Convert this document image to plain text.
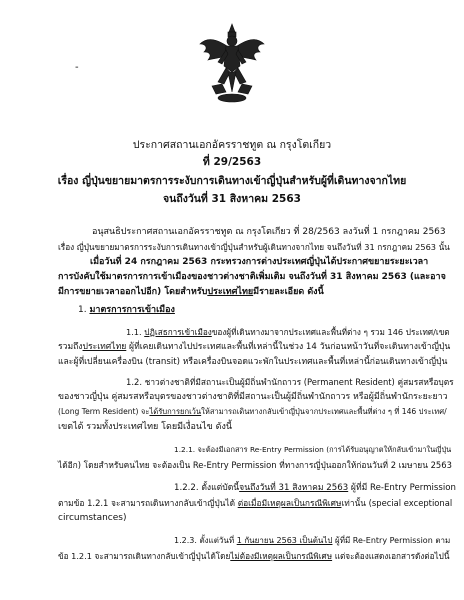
-
ประกาศสถานเอกอัครราชทูต ณ กรุงโตเกียว
ที่ 29/2563
เรื่อง ญี่ปุ่นขยายมาตรการระงับการเดินทางเข้าญี่ปุ่นสำหรับผู้ที่เดินทางจากไทย
จนถึงวันที่ 31 สิงหาคม 2563
อนุสนธิประกาศสถานเอกอัครราชทูต ณ กรุงโตเกียว ที่ 28/2563 ลงวันที่ 1 กรกฎาคม 2563
เรื่อง ญี่ปุ่นขยายมาตรการระงับการเดินทางเข้าญี่ปุ่นสำหรับผู้เดินทางจากไทย จนถึงวันที่ 31 กรกฎาคม 2563 นั้น
เมื่อวันที่ 24 กรกฎาคม 2563 กระทรวงการต่างประเทศญี่ปุ่นได้ประกาศขยายระยะเวลา
การบังคับใช้มาตรการการเข้าเมืองของชาวต่างชาติเพิ่มเติม จนถึงวันที่ 31 สิงหาคม 2563 (และอาจ
มีการขยายเวลาออกไปอีก) โดยสำหรับประเทศไทยมีรายละเอียด ดังนี้
1. มาตรการการเข้าเมือง
1.1. ปฏิเสธการเข้าเมืองของผู้ที่เดินทางมาจากประเทศและพื้นที่ต่าง ๆ รวม 146 ประเทศ/เขต
รวมถึงประเทศไทย ผู้ที่เคยเดินทางไปประเทศและพื้นที่เหล่านี้ในช่วง 14 วันก่อนหน้าวันที่จะเดินทางเข้าญี่ปุ่น
และผู้ที่เปลี่ยนเครื่องบิน (transit) หรือเครื่องบินจอดแวะพักในประเทศและพื้นที่เหล่านี้ก่อนเดินทางเข้าญี่ปุ่น
1.2. ชาวต่างชาติที่มีสถานะเป็นผู้มีถิ่นพำนักถาวร (Permanent Resident) คู่สมรสหรือบุตร
ของชาวญี่ปุ่น คู่สมรสหรือบุตรของชาวต่างชาติที่มีสถานะเป็นผู้มีถิ่นพำนักถาวร หรือผู้มีถิ่นพำนักระยะยาว
(Long Term Resident) จะได้รับการยกเว้นให้สามารถเดินทางกลับเข้าญี่ปุ่นจากประเทศและพื้นที่ต่าง ๆ ที่ 146 ประเทศ/
เขตได้ รวมทั้งประเทศไทย โดยมีเงื่อนไข ดังนี้
1.2.1. จะต้องมีเอกสาร Re-Entry Permission (การได้รับอนุญาตให้กลับเข้ามาในญี่ปุ่น
ได้อีก) โดยสำหรับคนไทย จะต้องเป็น Re-Entry Permission ที่ทางการญี่ปุ่นออกให้ก่อนวันที่ 2 เมษายน 2563
1.2.2. ตั้งแต่บัดนี้จนถึงวันที่ 31 สิงหาคม 2563 ผู้ที่มี Re-Entry Permission
ตามข้อ 1.2.1 จะสามารถเดินทางกลับเข้าญี่ปุ่นได้ ต่อเมื่อมีเหตุผลเป็นกรณีพิเศษเท่านั้น (special exceptional
circumstances)
1.2.3. ตั้งแต่วันที่ 1 กันยายน 2563 เป็นต้นไป ผู้ที่มี Re-Entry Permission ตาม
ข้อ 1.2.1 จะสามารถเดินทางกลับเข้าญี่ปุ่นได้โดยไม่ต้องมีเหตุผลเป็นกรณีพิเศษ แต่จะต้องแสดงเอกสารดังต่อไปนี้
